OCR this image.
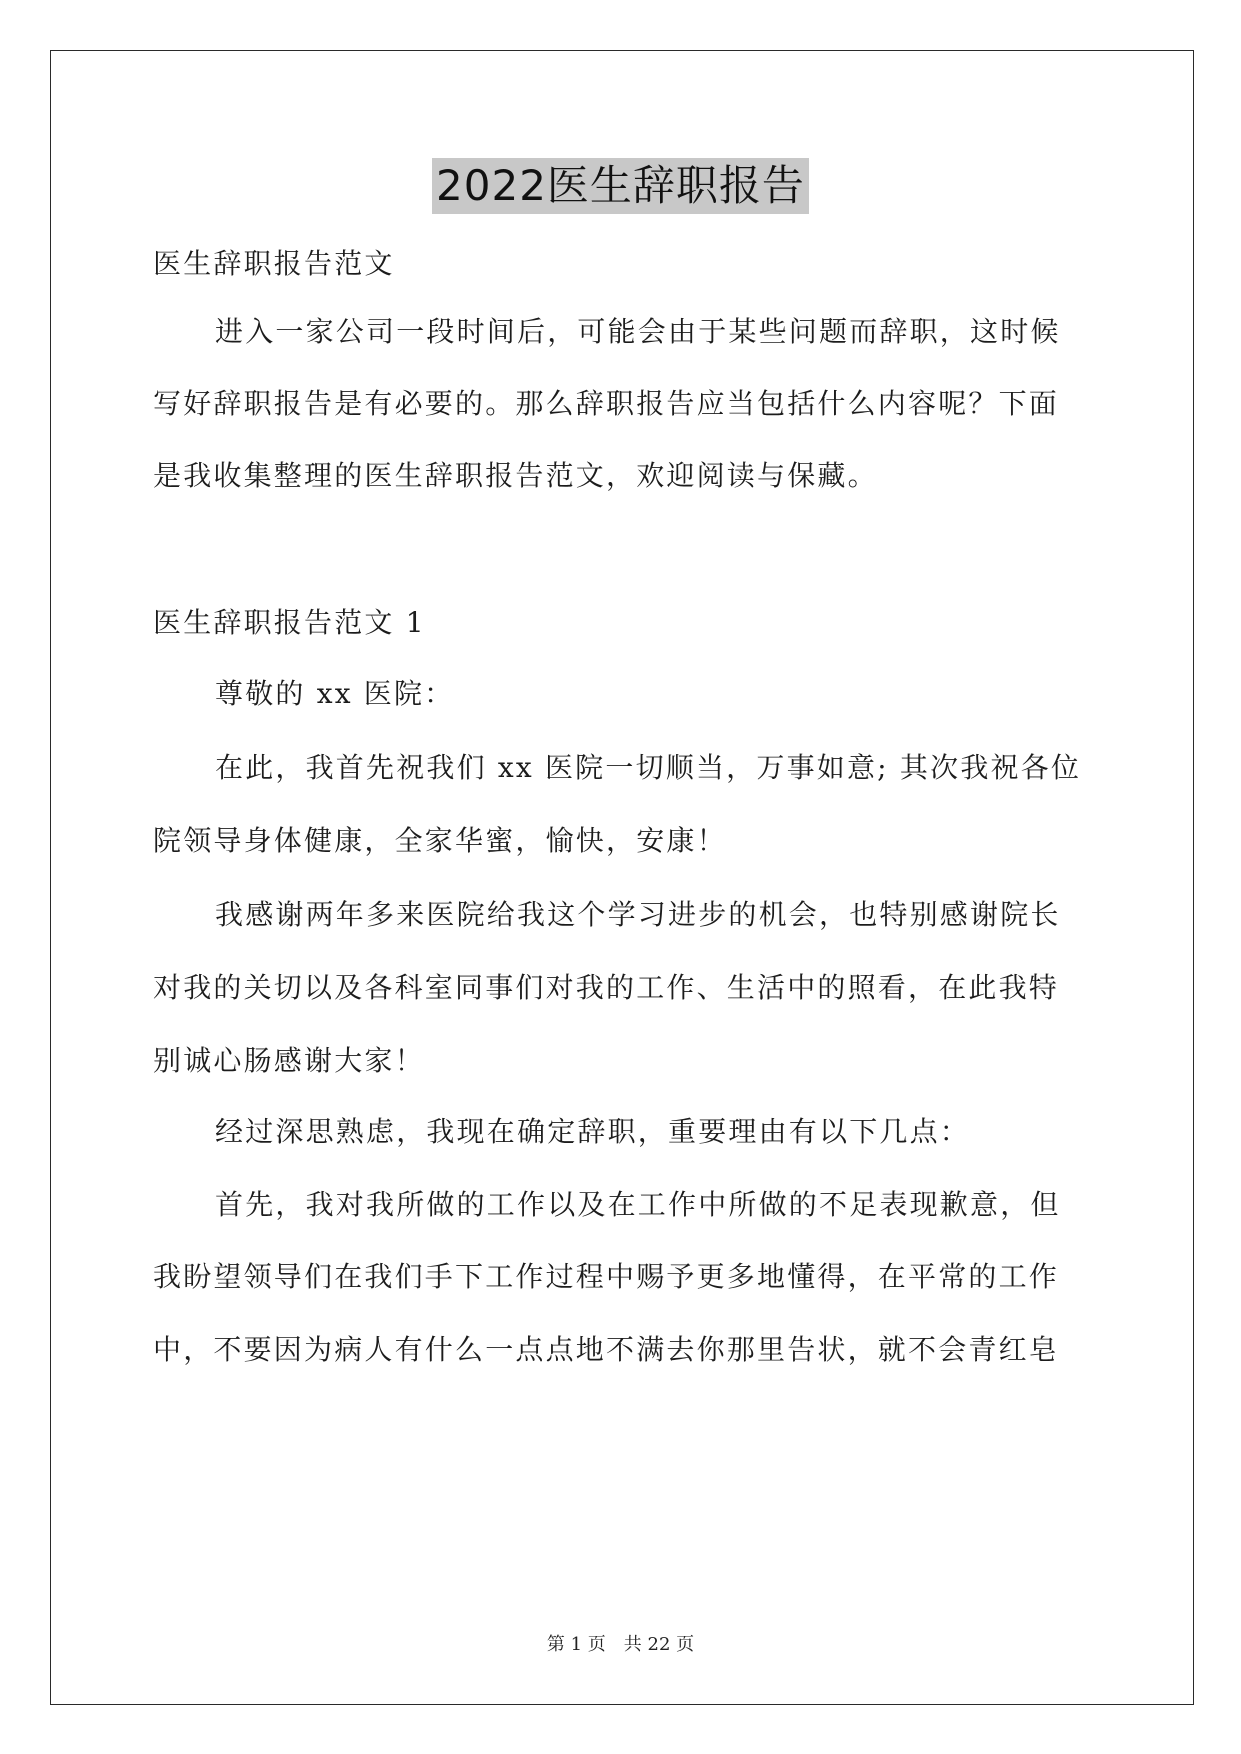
2022医生辞职报告
医生辞职报告范文
进入一家公司一段时间后，可能会由于某些问题而辞职，这时候
写好辞职报告是有必要的。那么辞职报告应当包括什么内容呢？下面
是我收集整理的医生辞职报告范文，欢迎阅读与保藏。
医生辞职报告范文 1
尊敬的 xx 医院：
在此，我首先祝我们 xx 医院一切顺当，万事如意; 其次我祝各位
院领导身体健康，全家华蜜，愉快，安康！
我感谢两年多来医院给我这个学习进步的机会，也特别感谢院长
对我的关切以及各科室同事们对我的工作、生活中的照看，在此我特
别诚心肠感谢大家！
经过深思熟虑，我现在确定辞职，重要理由有以下几点：
首先，我对我所做的工作以及在工作中所做的不足表现歉意，但
我盼望领导们在我们手下工作过程中赐予更多地懂得，在平常的工作
中，不要因为病人有什么一点点地不满去你那里告状，就不会青红皂
第 1 页　共 22 页
